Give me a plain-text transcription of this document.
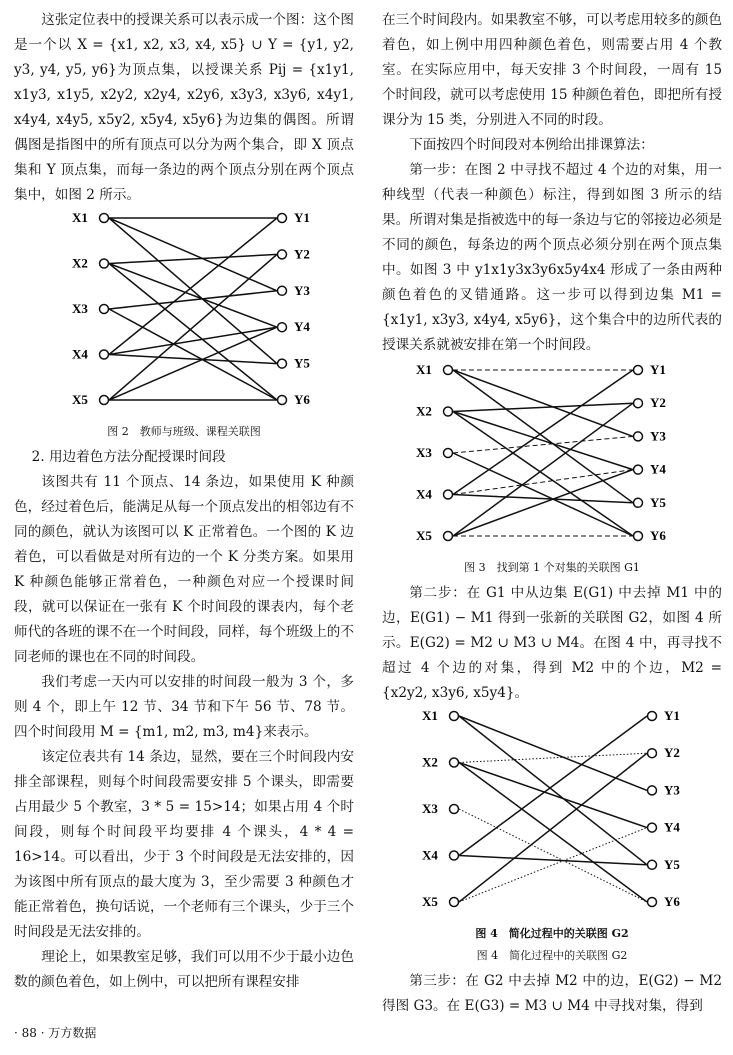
这张定位表中的授课关系可以表示成一个图：这个图是一个以 X = {x1, x2, x3, x4, x5} ∪ Y = {y1, y2, y3, y4, y5, y6}为顶点集，以授课关系 Pij = {x1y1, x1y3, x1y5, x2y2, x2y4, x2y6, x3y3, x3y6, x4y1, x4y4, x4y5, x5y2, x5y4, x5y6}为边集的偶图。所谓偶图是指图中的所有顶点可以分为两个集合，即 X 顶点集和 Y 顶点集，而每一条边的两个顶点分别在两个顶点集中，如图 2 所示。

X1
X2
X3
X4
X5
Y1
Y2
Y3
Y4
Y5
Y6
图 2　教师与班级、课程关联图

2. 用边着色方法分配授课时间段

该图共有 11 个顶点、14 条边，如果使用 K 种颜色，经过着色后，能满足从每一个顶点发出的相邻边有不同的颜色，就认为该图可以 K 正常着色。一个图的 K 边着色，可以看做是对所有边的一个 K 分类方案。如果用 K 种颜色能够正常着色，一种颜色对应一个授课时间段，就可以保证在一张有 K 个时间段的课表内，每个老师代的各班的课不在一个时间段，同样，每个班级上的不同老师的课也在不同的时间段。

我们考虑一天内可以安排的时间段一般为 3 个，多则 4 个，即上午 12 节、34 节和下午 56 节、78 节。四个时间段用 M = {m1, m2, m3, m4}来表示。

该定位表共有 14 条边，显然，要在三个时间段内安排全部课程，则每个时间段需要安排 5 个课头，即需要占用最少 5 个教室，3 * 5 = 15>14；如果占用 4 个时间段，则每个时间段平均要排 4 个课头，4 * 4 = 16>14。可以看出，少于 3 个时间段是无法安排的，因为该图中所有顶点的最大度为 3，至少需要 3 种颜色才能正常着色，换句话说，一个老师有三个课头，少于三个时间段是无法安排的。

理论上，如果教室足够，我们可以用不少于最小边色数的颜色着色，如上例中，可以把所有课程安排

在三个时间段内。如果教室不够，可以考虑用较多的颜色着色，如上例中用四种颜色着色，则需要占用 4 个教室。在实际应用中，每天安排 3 个时间段，一周有 15 个时间段，就可以考虑使用 15 种颜色着色，即把所有授课分为 15 类，分别进入不同的时段。

下面按四个时间段对本例给出排课算法：

第一步：在图 2 中寻找不超过 4 个边的对集，用一种线型（代表一种颜色）标注，得到如图 3 所示的结果。所谓对集是指被选中的每一条边与它的邻接边必须是不同的颜色，每条边的两个顶点必须分别在两个顶点集中。如图 3 中 y1x1y3x3y6x5y4x4 形成了一条由两种颜色着色的叉错通路。这一步可以得到边集 M1 = {x1y1, x3y3, x4y4, x5y6}，这个集合中的边所代表的授课关系就被安排在第一个时间段。

X1
X2
X3
X4
X5
Y1
Y2
Y3
Y4
Y5
Y6
图 3　找到第 1 个对集的关联图 G1

第二步：在 G1 中从边集 E(G1) 中去掉 M1 中的边，E(G1) − M1 得到一张新的关联图 G2，如图 4 所示。E(G2) = M2 ∪ M3 ∪ M4。在图 4 中，再寻找不超过 4 个边的对集，得到 M2 中的个边，M2 = {x2y2, x3y6, x5y4}。

X1
X2
X3
X4
X5
Y1
Y2
Y3
Y4
Y5
Y6
图 4　简化过程中的关联图 G2
图 4　简化过程中的关联图 G2

第三步：在 G2 中去掉 M2 中的边，E(G2) − M2 得图 G3。在 E(G3) = M3 ∪ M4 中寻找对集，得到

· 88 · 万方数据
